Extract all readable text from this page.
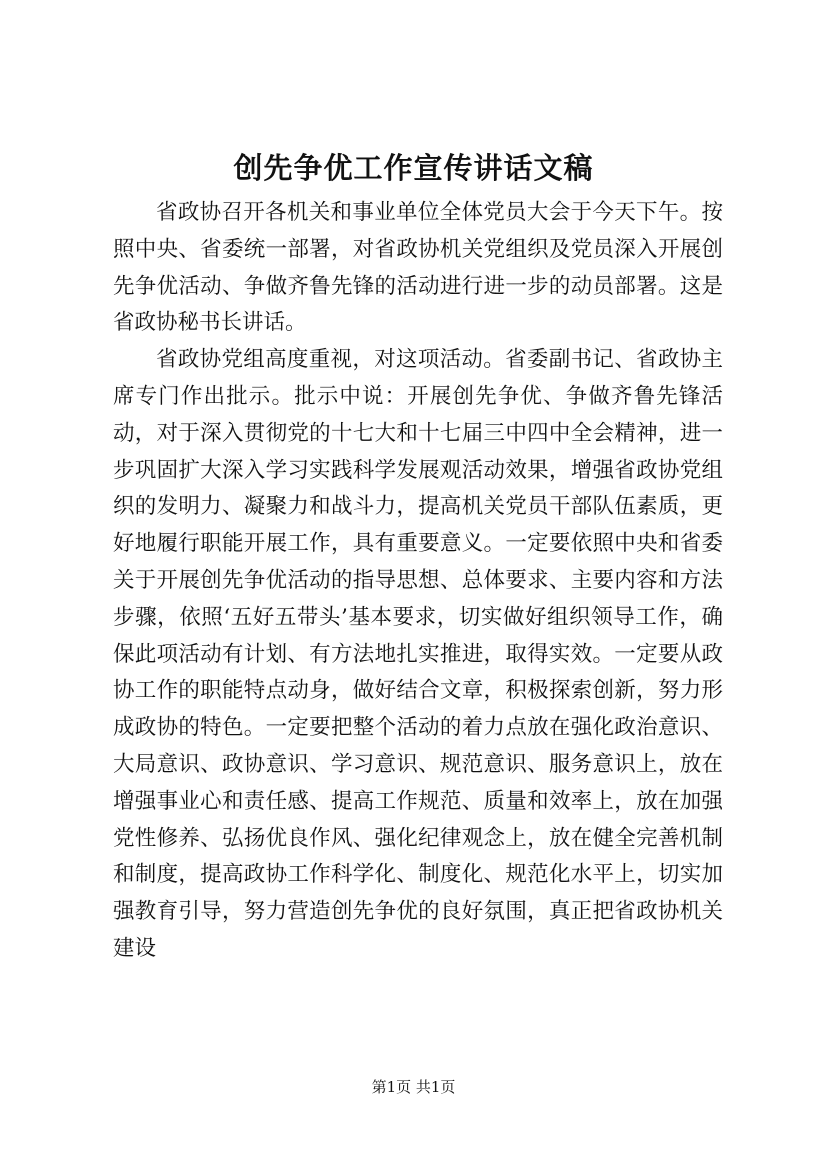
创先争优工作宣传讲话文稿

省政协召开各机关和事业单位全体党员大会于今天下午。按照中央、省委统一部署，对省政协机关党组织及党员深入开展创先争优活动、争做齐鲁先锋的活动进行进一步的动员部署。这是省政协秘书长讲话。

省政协党组高度重视，对这项活动。省委副书记、省政协主席专门作出批示。批示中说：开展创先争优、争做齐鲁先锋活动，对于深入贯彻党的十七大和十七届三中四中全会精神，进一步巩固扩大深入学习实践科学发展观活动效果，增强省政协党组织的发明力、凝聚力和战斗力，提高机关党员干部队伍素质，更好地履行职能开展工作，具有重要意义。一定要依照中央和省委关于开展创先争优活动的指导思想、总体要求、主要内容和方法步骤，依照‘五好五带头’基本要求，切实做好组织领导工作，确保此项活动有计划、有方法地扎实推进，取得实效。一定要从政协工作的职能特点动身，做好结合文章，积极探索创新，努力形成政协的特色。一定要把整个活动的着力点放在强化政治意识、大局意识、政协意识、学习意识、规范意识、服务意识上，放在增强事业心和责任感、提高工作规范、质量和效率上，放在加强党性修养、弘扬优良作风、强化纪律观念上，放在健全完善机制和制度，提高政协工作科学化、制度化、规范化水平上，切实加强教育引导，努力营造创先争优的良好氛围，真正把省政协机关建设

第1页 共1页
